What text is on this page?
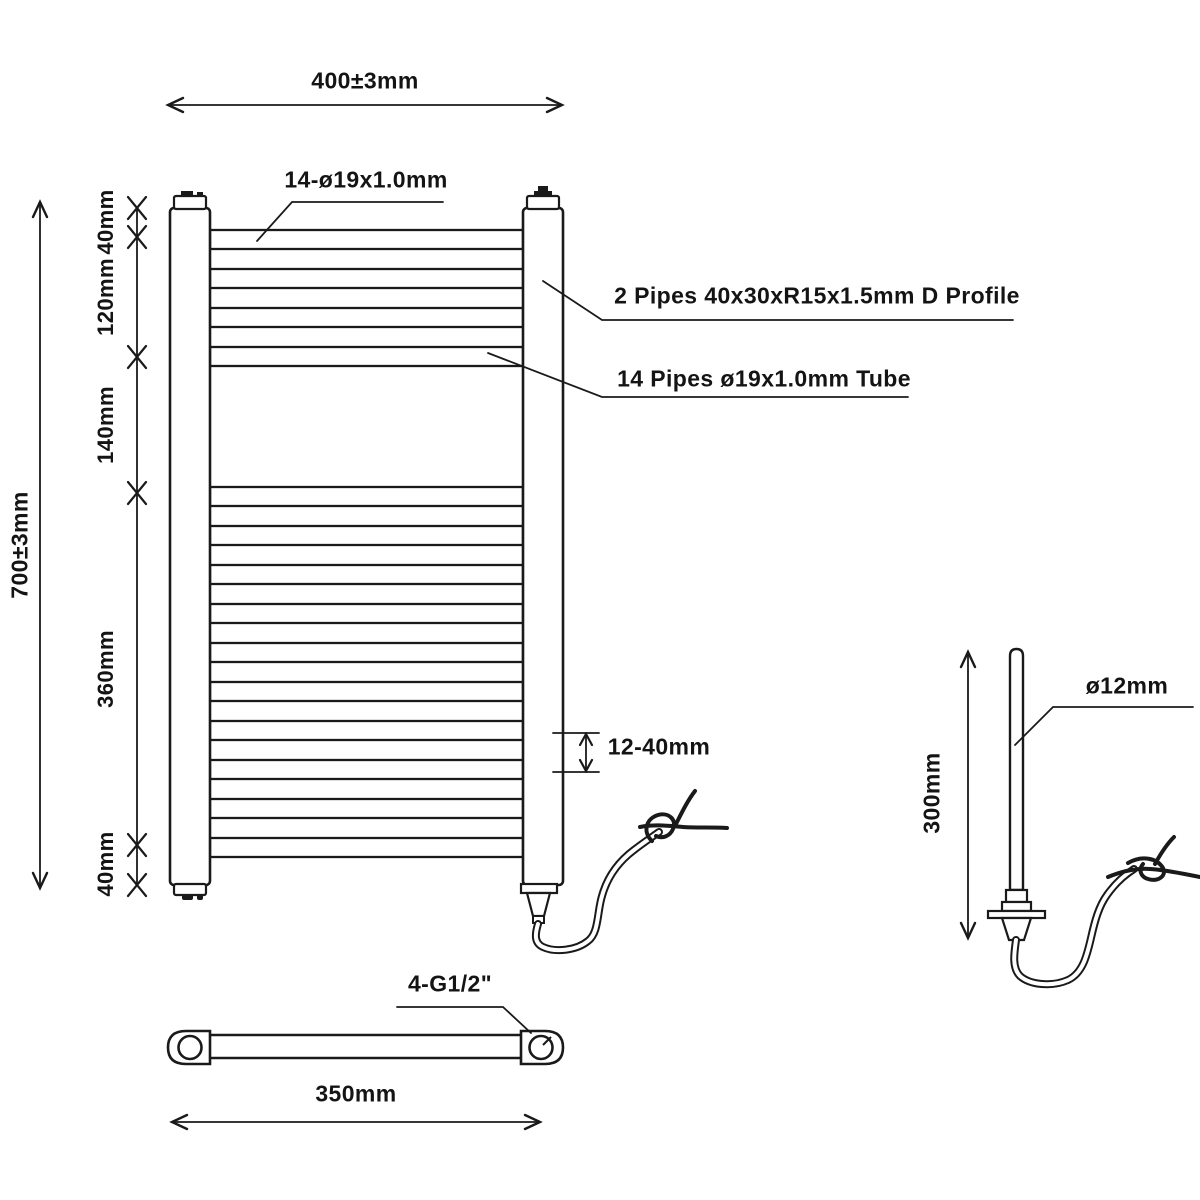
400±3mm
700±3mm
40mm
120mm
140mm
360mm
40mm
14-ø19x1.0mm
2 Pipes 40x30xR15x1.5mm D Profile
14 Pipes ø19x1.0mm Tube
12-40mm
300mm
ø12mm
4-G1/2"
350mm
